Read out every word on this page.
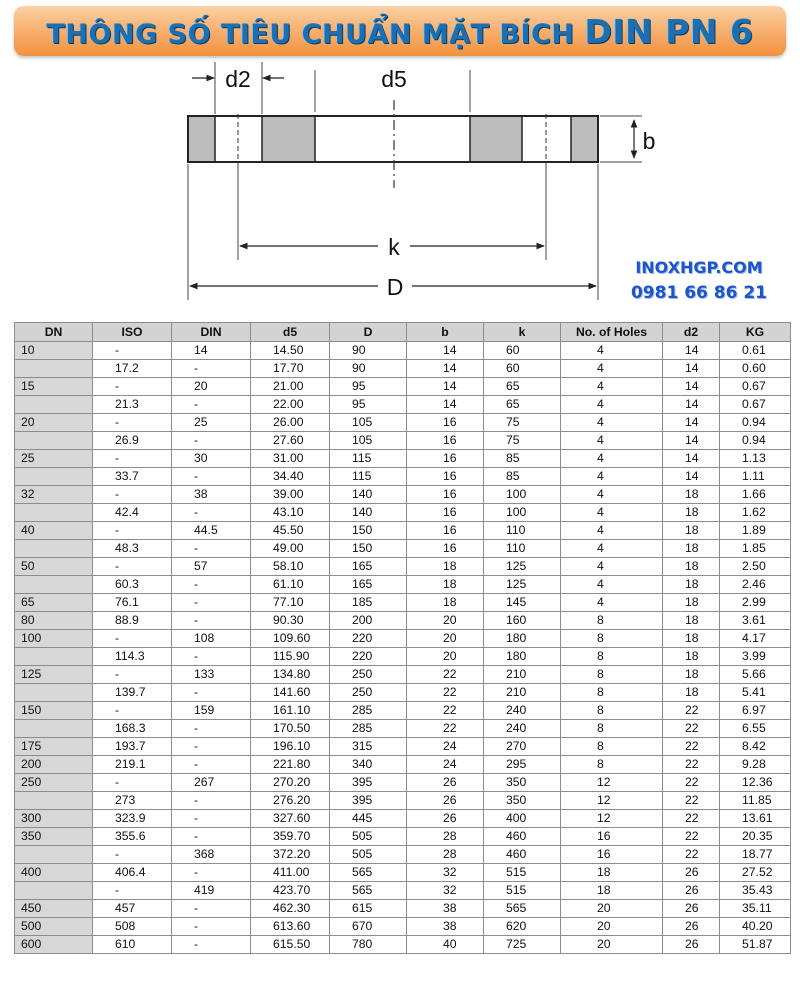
THÔNG SỐ TIÊU CHUẨN MẶT BÍCH DIN PN 6
d2	d5
b
k
D
INOXHGP.COM
0981 66 86 21
DN	ISO	DIN	d5	D	b	k	No. of Holes	d2	KG
10	-	14	14.50	90	14	60	4	14	0.61
	17.2	-	17.70	90	14	60	4	14	0.60
15	-	20	21.00	95	14	65	4	14	0.67
	21.3	-	22.00	95	14	65	4	14	0.67
20	-	25	26.00	105	16	75	4	14	0.94
	26.9	-	27.60	105	16	75	4	14	0.94
25	-	30	31.00	115	16	85	4	14	1.13
	33.7	-	34.40	115	16	85	4	14	1.11
32	-	38	39.00	140	16	100	4	18	1.66
	42.4	-	43.10	140	16	100	4	18	1.62
40	-	44.5	45.50	150	16	110	4	18	1.89
	48.3	-	49.00	150	16	110	4	18	1.85
50	-	57	58.10	165	18	125	4	18	2.50
	60.3	-	61.10	165	18	125	4	18	2.46
65	76.1	-	77.10	185	18	145	4	18	2.99
80	88.9	-	90.30	200	20	160	8	18	3.61
100	-	108	109.60	220	20	180	8	18	4.17
	114.3	-	115.90	220	20	180	8	18	3.99
125	-	133	134.80	250	22	210	8	18	5.66
	139.7	-	141.60	250	22	210	8	18	5.41
150	-	159	161.10	285	22	240	8	22	6.97
	168.3	-	170.50	285	22	240	8	22	6.55
175	193.7	-	196.10	315	24	270	8	22	8.42
200	219.1	-	221.80	340	24	295	8	22	9.28
250	-	267	270.20	395	26	350	12	22	12.36
	273	-	276.20	395	26	350	12	22	11.85
300	323.9	-	327.60	445	26	400	12	22	13.61
350	355.6	-	359.70	505	28	460	16	22	20.35
	-	368	372.20	505	28	460	16	22	18.77
400	406.4	-	411.00	565	32	515	18	26	27.52
	-	419	423.70	565	32	515	18	26	35.43
450	457	-	462.30	615	38	565	20	26	35.11
500	508	-	613.60	670	38	620	20	26	40.20
600	610	-	615.50	780	40	725	20	26	51.87
